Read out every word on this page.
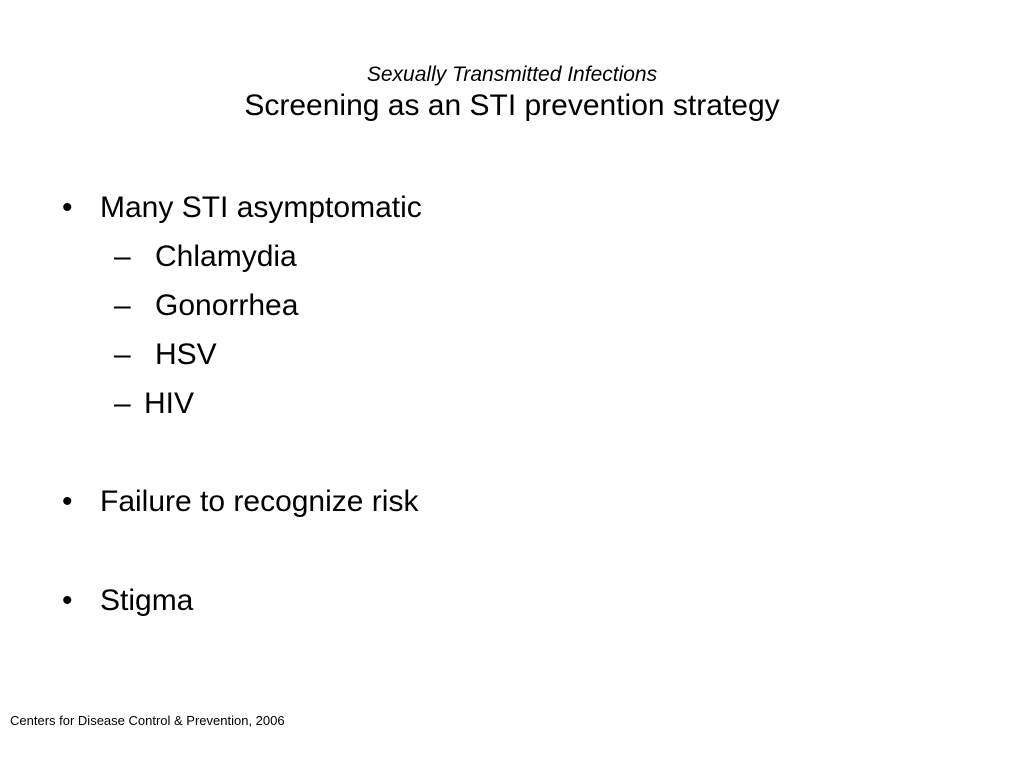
Sexually Transmitted Infections
Screening as an STI prevention strategy
• Many STI asymptomatic
– Chlamydia
– Gonorrhea
– HSV
– HIV
• Failure to recognize risk
• Stigma
Centers for Disease Control & Prevention, 2006
